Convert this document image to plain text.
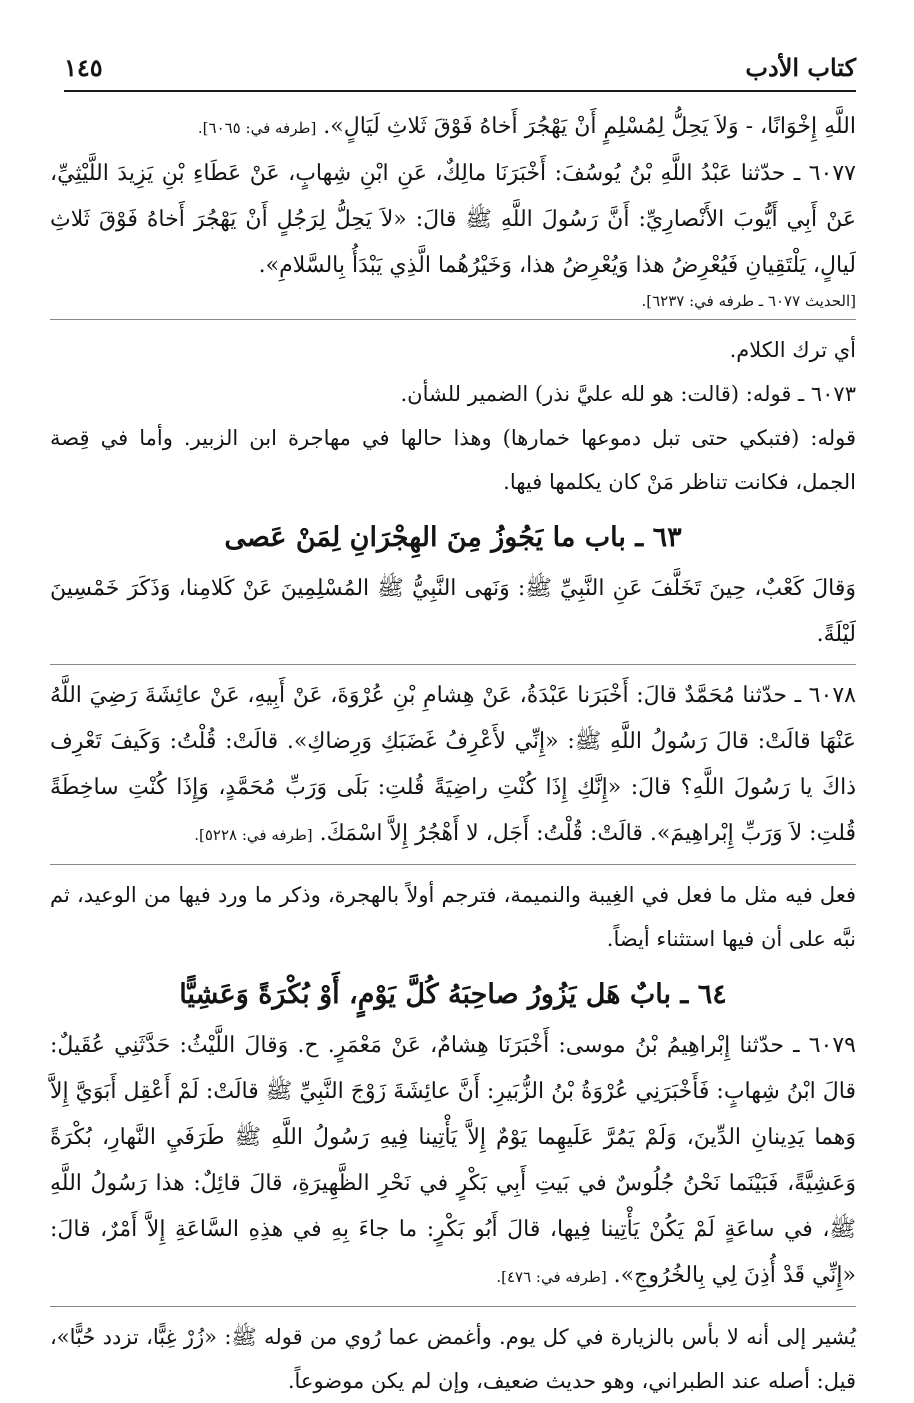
كتاب الأدب
١٤٥

اللَّهِ إِخْوَانًا، - وَلاَ يَحِلُّ لِمُسْلِمٍ أَنْ يَهْجُرَ أَخاهُ فَوْقَ ثَلاثِ لَيَالٍ». [طرفه في: ٦٠٦٥].

٦٠٧٧ ـ حدّثنا عَبْدُ اللَّهِ بْنُ يُوسُفَ: أَخْبَرَنَا مالِكٌ، عَنِ ابْنِ شِهابٍ، عَنْ عَطَاءِ بْنِ يَزِيدَ اللَّيْثِيِّ، عَنْ أَبِي أَيُّوبَ الأَنْصارِيِّ: أَنَّ رَسُولَ اللَّهِ ﷺ قالَ: «لاَ يَحِلُّ لِرَجُلٍ أَنْ يَهْجُرَ أَخاهُ فَوْقَ ثَلاثِ لَيالٍ، يَلْتَقِيانِ فَيُعْرِضُ هذا وَيُعْرِضُ هذا، وَخَيْرُهُما الَّذِي يَبْدَأُ بِالسَّلامِ».

[الحديث ٦٠٧٧ ـ طرفه في: ٦٢٣٧].

أي ترك الكلام.

٦٠٧٣ ـ قوله: (قالت: هو لله عليَّ نذر) الضمير للشأن.

قوله: (فتبكي حتى تبل دموعها خمارها) وهذا حالها في مهاجرة ابن الزبير. وأما في قِصة الجمل، فكانت تناظر مَنْ كان يكلمها فيها.

٦٣ ـ باب ما يَجُوزُ مِنَ الهِجْرَانِ لِمَنْ عَصى

وَقالَ كَعْبٌ، حِينَ تَخَلَّفَ عَنِ النَّبِيِّ ﷺ: وَنَهى النَّبِيُّ ﷺ المُسْلِمِينَ عَنْ كَلامِنا، وَذَكَرَ خَمْسِينَ لَيْلَةً.

٦٠٧٨ ـ حدّثنا مُحَمَّدٌ قالَ: أَخْبَرَنا عَبْدَةُ، عَنْ هِشامِ بْنِ عُرْوَةَ، عَنْ أَبِيهِ، عَنْ عائِشَةَ رَضِيَ اللَّهُ عَنْهَا قالَتْ: قالَ رَسُولُ اللَّهِ ﷺ: «إِنِّي لأَعْرِفُ غَضَبَكِ وَرِضاكِ». قالَتْ: قُلْتُ: وَكَيفَ تَعْرِف ذاكَ يا رَسُولَ اللَّهِ؟ قالَ: «إِنَّكِ إِذَا كُنْتِ راضِيَةً قُلتِ: بَلَى وَرَبِّ مُحَمَّدٍ، وَإِذَا كُنْتِ ساخِطَةً قُلتِ: لاَ وَرَبِّ إِبْراهِيمَ». قالَتْ: قُلْتُ: أَجَل، لا أَهْجُرُ إِلاَّ اسْمَكَ. [طرفه في: ٥٢٢٨].

فعل فيه مثل ما فعل في الغِيبة والنميمة، فترجم أولاً بالهجرة، وذكر ما ورد فيها من الوعيد، ثم نبَّه على أن فيها استثناء أيضاً.

٦٤ ـ بابٌ هَل يَزُورُ صاحِبَهُ كُلَّ يَوْمٍ، أَوْ بُكْرَةً وَعَشِيًّا

٦٠٧٩ ـ حدّثنا إِبْراهِيمُ بْنُ موسى: أَخْبَرَنَا هِشامٌ، عَنْ مَعْمَرٍ. ح. وَقالَ اللَّيْثُ: حَدَّثَنِي عُقَيلٌ: قالَ ابْنُ شِهابٍ: فَأَخْبَرَنِي عُرْوَةُ بْنُ الزُّبَيرِ: أَنَّ عائِشَةَ زَوْجَ النَّبِيِّ ﷺ قالَتْ: لَمْ أَعْقِل أَبَوَيَّ إِلاَّ وَهما يَدِينانِ الدِّينَ، وَلَمْ يَمُرَّ عَلَيهِما يَوْمٌ إِلاَّ يَأْتِينا فِيهِ رَسُولُ اللَّهِ ﷺ طَرَفَيِ النَّهارِ، بُكْرَةً وَعَشِيَّةً، فَبَيْنَما نَحْنُ جُلُوسٌ في بَيتِ أَبِي بَكْرٍ في نَحْرِ الظَّهِيرَةِ، قالَ قائِلٌ: هذا رَسُولُ اللَّهِ ﷺ، في ساعَةٍ لَمْ يَكُنْ يَأْتِينا فِيها، قالَ أَبُو بَكْرٍ: ما جاءَ بِهِ في هذِهِ السَّاعَةِ إِلاَّ أَمْرٌ، قالَ: «إِنِّي قَدْ أُذِنَ لِي بِالخُرُوجِ». [طرفه في: ٤٧٦].

يُشير إلى أنه لا بأس بالزيارة في كل يوم. وأغمض عما رُوي من قوله ﷺ: «زُرْ غِبًّا، تزدد حُبًّا»، قيل: أصله عند الطبراني، وهو حديث ضعيف، وإن لم يكن موضوعاً.
